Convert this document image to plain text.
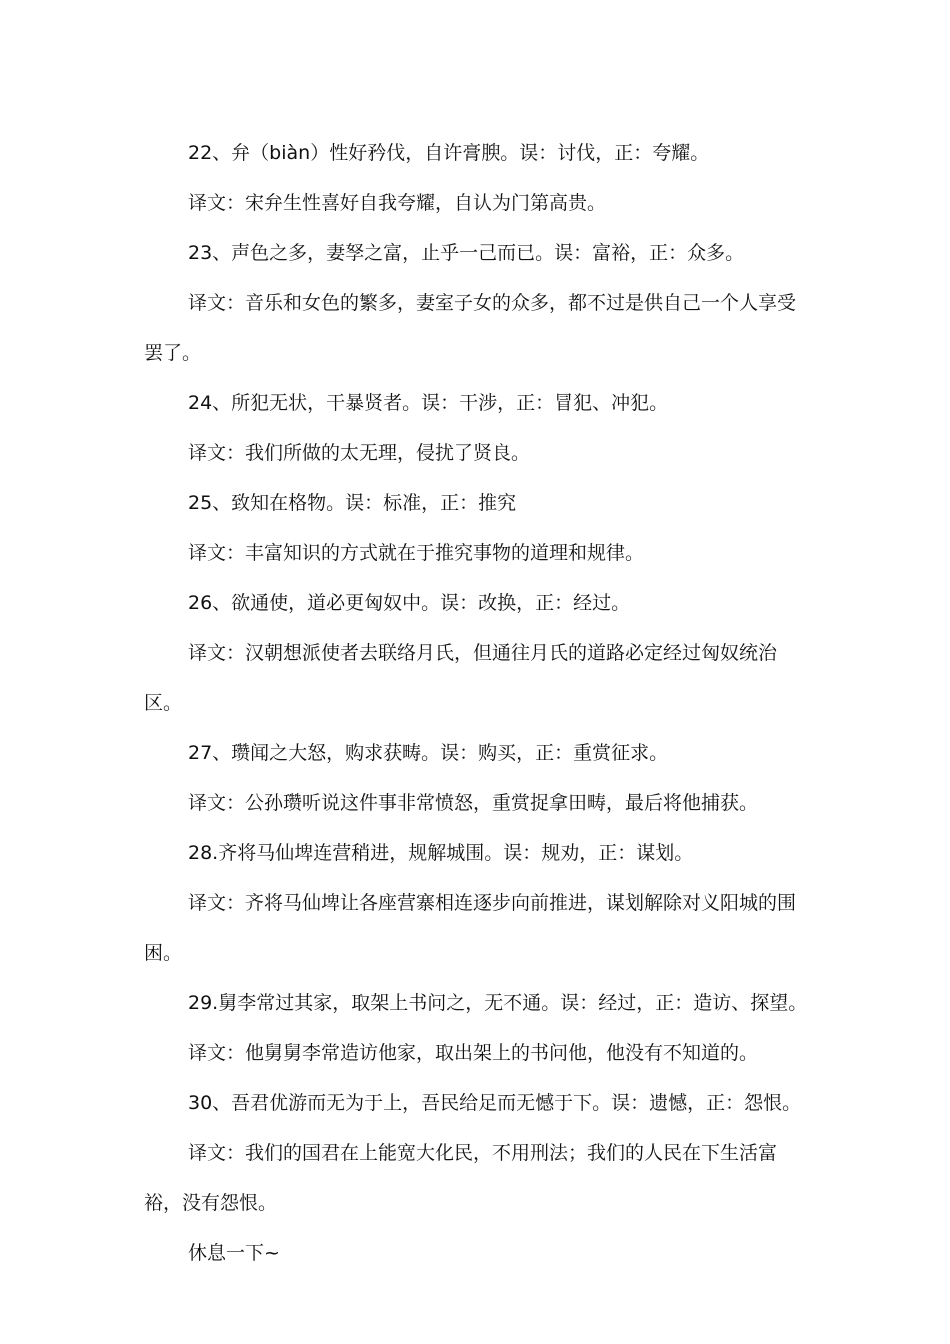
22、弁（biàn）性好矜伐，自许膏腴。误：讨伐，正：夸耀。

译文：宋弁生性喜好自我夸耀，自认为门第高贵。

23、声色之多，妻孥之富，止乎一己而已。误：富裕，正：众多。

译文：音乐和女色的繁多，妻室子女的众多，都不过是供自己一个人享受罢了。

24、所犯无状，干暴贤者。误：干涉，正：冒犯、冲犯。

译文：我们所做的太无理，侵扰了贤良。

25、致知在格物。误：标准，正：推究

译文：丰富知识的方式就在于推究事物的道理和规律。

26、欲通使，道必更匈奴中。误：改换，正：经过。

译文：汉朝想派使者去联络月氏，但通往月氏的道路必定经过匈奴统治区。

27、瓒闻之大怒，购求获畴。误：购买，正：重赏征求。

译文：公孙瓒听说这件事非常愤怒，重赏捉拿田畴，最后将他捕获。

28.齐将马仙埤连营稍进，规解城围。误：规劝，正：谋划。

译文：齐将马仙埤让各座营寨相连逐步向前推进，谋划解除对义阳城的围困。

29.舅李常过其家，取架上书问之，无不通。误：经过，正：造访、探望。

译文：他舅舅李常造访他家，取出架上的书问他，他没有不知道的。

30、吾君优游而无为于上，吾民给足而无憾于下。误：遗憾，正：怨恨。

译文：我们的国君在上能宽大化民，不用刑法；我们的人民在下生活富裕，没有怨恨。

休息一下~
